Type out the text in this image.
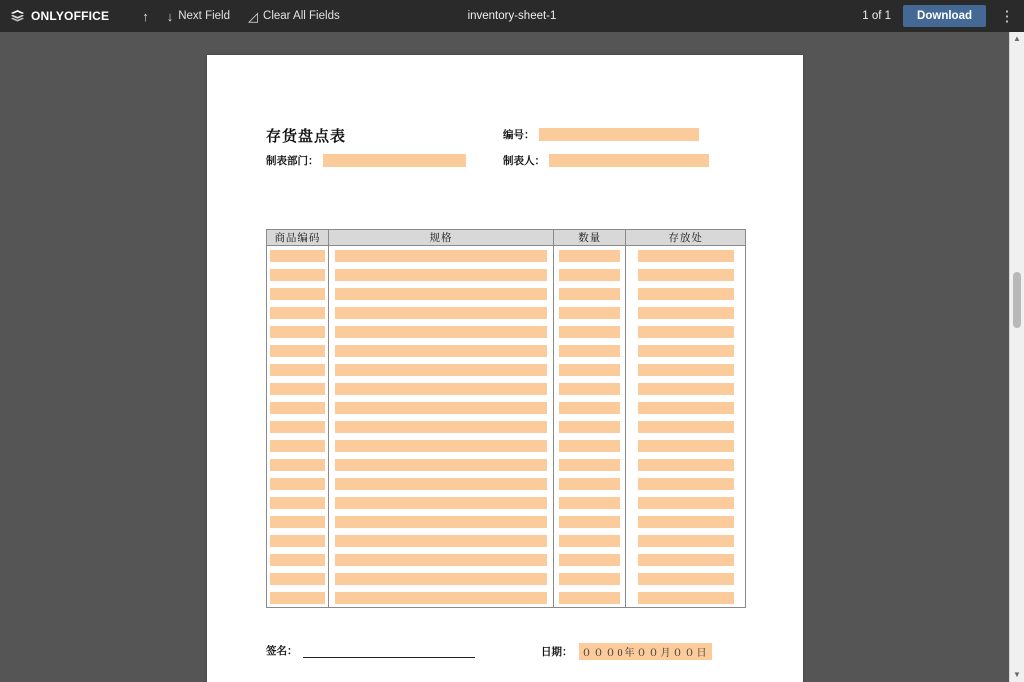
ONLYOFFICE	↑ ↓ Next Field ◿ Clear All Fields	inventory-sheet-1	1 of 1	Download	⋮
存货盘点表
制表部门：
编号：
制表人：
商品编码	规格	数量	存放处

签名：	日期： ０００0年００月００日
▲
▼
